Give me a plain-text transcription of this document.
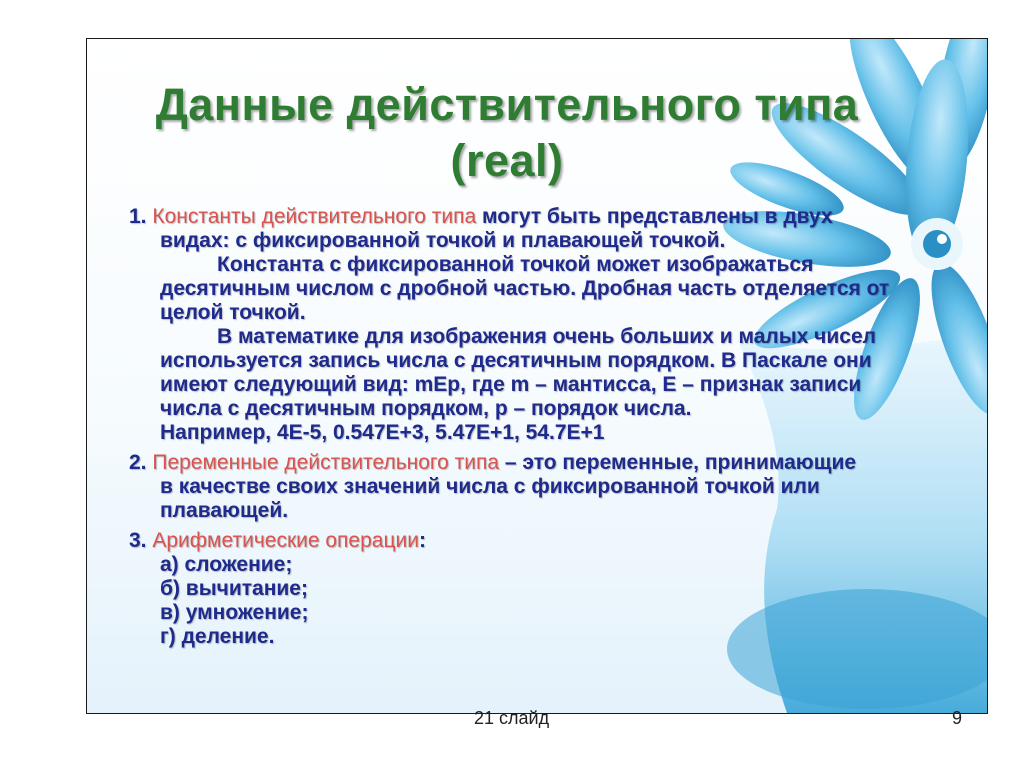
Данные действительного типа
(real)
1. Константы действительного типа могут быть представлены в двух
видах: с фиксированной точкой и плавающей точкой.
Константа с фиксированной точкой может изображаться
десятичным числом с дробной частью. Дробная часть отделяется от
целой точкой.
В математике для изображения очень больших и малых чисел
используется запись числа с десятичным порядком. В Паскале они
имеют следующий вид: mEp, где m – мантисса, E – признак записи
числа с десятичным порядком, p – порядок числа.
Например, 4E-5, 0.547E+3, 5.47E+1, 54.7E+1
2. Переменные действительного типа – это переменные, принимающие
в качестве своих значений числа с фиксированной точкой или
плавающей.
3. Арифметические операции:
а) сложение;
б) вычитание;
в) умножение;
г) деление.
21 слайд	9
